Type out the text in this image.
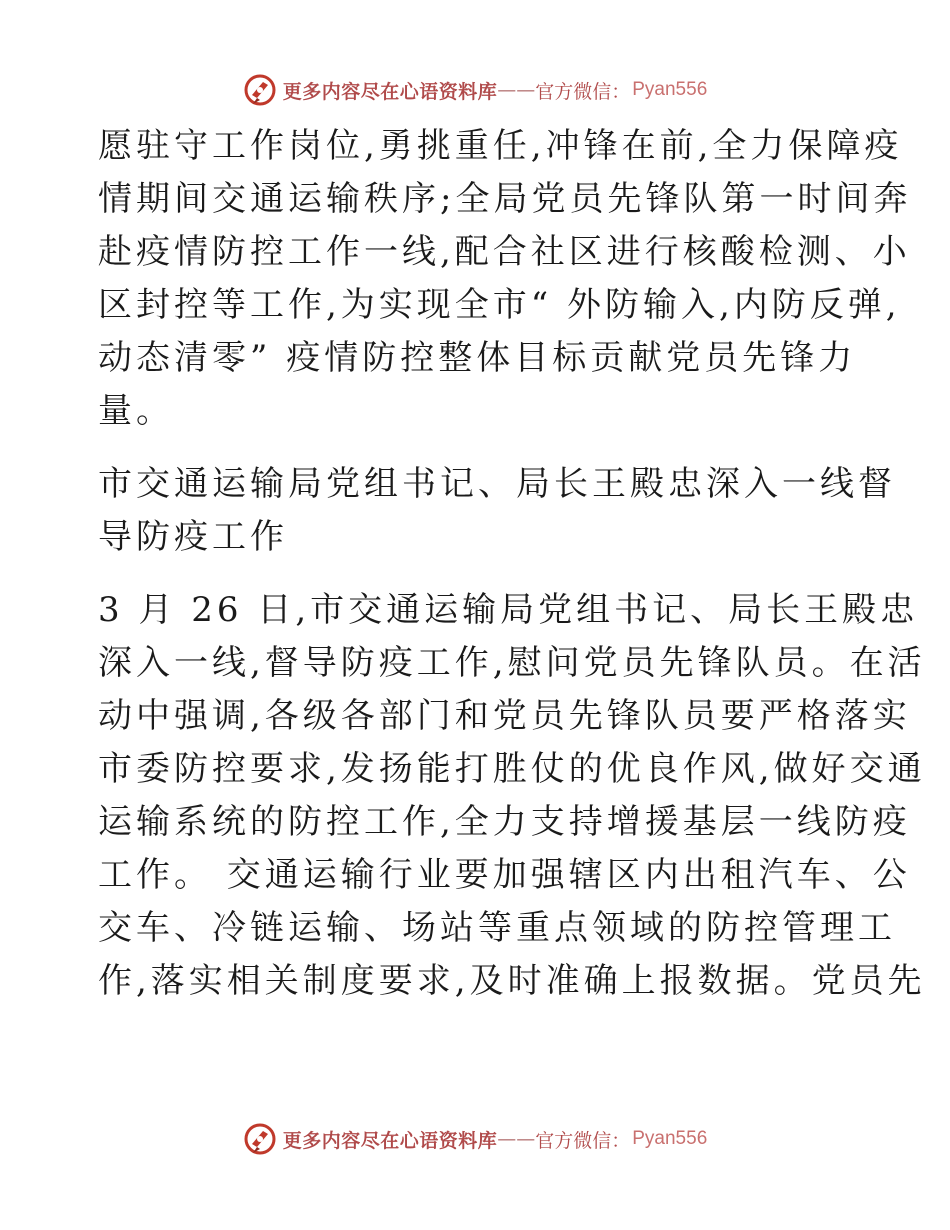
更多内容尽在心语资料库 —— 官方微信： Pyan556

愿驻守工作岗位,勇挑重任,冲锋在前,全力保障疫
情期间交通运输秩序;全局党员先锋队第一时间奔
赴疫情防控工作一线,配合社区进行核酸检测、小
区封控等工作,为实现全市“ 外防输入,内防反弹,
动态清零” 疫情防控整体目标贡献党员先锋力
量。

市交通运输局党组书记、局长王殿忠深入一线督
导防疫工作

3 月 26 日,市交通运输局党组书记、局长王殿忠
深入一线,督导防疫工作,慰问党员先锋队员。在活
动中强调,各级各部门和党员先锋队员要严格落实
市委防控要求,发扬能打胜仗的优良作风,做好交通
运输系统的防控工作,全力支持增援基层一线防疫
工作。 交通运输行业要加强辖区内出租汽车、公
交车、冷链运输、场站等重点领域的防控管理工
作,落实相关制度要求,及时准确上报数据。党员先

更多内容尽在心语资料库 —— 官方微信： Pyan556
